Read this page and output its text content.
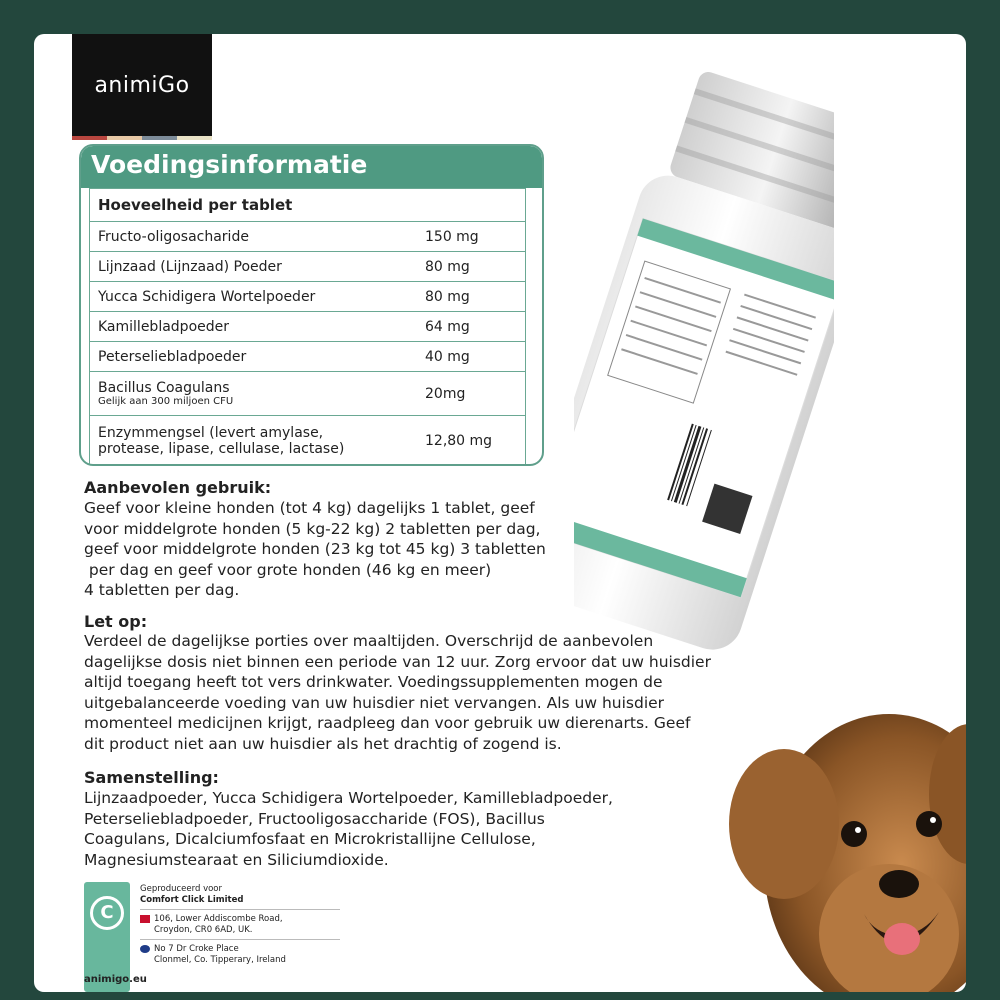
animiGo
Voedingsinformatie
Hoeveelheid per tablet
Fructo-oligosacharide	150 mg
Lijnzaad (Lijnzaad) Poeder	80 mg
Yucca Schidigera Wortelpoeder	80 mg
Kamillebladpoeder	64 mg
Peterseliebladpoeder	40 mg
Bacillus Coagulans
Gelijk aan 300 miljoen CFU	20mg
Enzymmengsel (levert amylase,
protease, lipase, cellulase, lactase)	12,80 mg
Aanbevolen gebruik:
Geef voor kleine honden (tot 4 kg) dagelijks 1 tablet, geef
voor middelgrote honden (5 kg-22 kg) 2 tabletten per dag,
geef voor middelgrote honden (23 kg tot 45 kg) 3 tabletten
per dag en geef voor grote honden (46 kg en meer)
4 tabletten per dag.
Let op:
Verdeel de dagelijkse porties over maaltijden. Overschrijd de aanbevolen
dagelijkse dosis niet binnen een periode van 12 uur. Zorg ervoor dat uw huisdier
altijd toegang heeft tot vers drinkwater. Voedingssupplementen mogen de
uitgebalanceerde voeding van uw huisdier niet vervangen. Als uw huisdier
momenteel medicijnen krijgt, raadpleeg dan voor gebruik uw dierenarts. Geef
dit product niet aan uw huisdier als het drachtig of zogend is.
Samenstelling:
Lijnzaadpoeder, Yucca Schidigera Wortelpoeder, Kamillebladpoeder,
Peterseliebladpoeder, Fructooligosaccharide (FOS), Bacillus
Coagulans, Dicalciumfosfaat en Microkristallijne Cellulose,
Magnesiumstearaat en Siliciumdioxide.
C
Geproduceerd voor
Comfort Click Limited
106, Lower Addiscombe Road,
Croydon, CR0 6AD, UK.
No 7 Dr Croke Place
Clonmel, Co. Tipperary, Ireland
animigo.eu
